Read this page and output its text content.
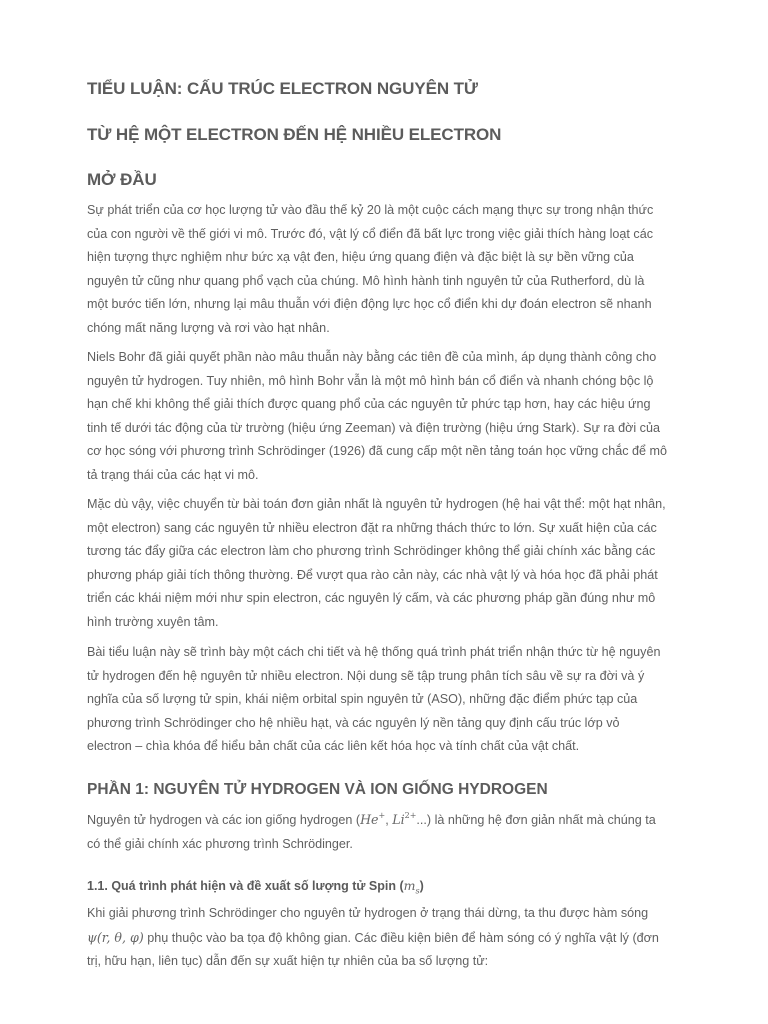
TIỂU LUẬN: CẤU TRÚC ELECTRON NGUYÊN TỬ
TỪ HỆ MỘT ELECTRON ĐẾN HỆ NHIỀU ELECTRON
MỞ ĐẦU
Sự phát triển của cơ học lượng tử vào đầu thế kỷ 20 là một cuộc cách mạng thực sự trong nhận thức
của con người về thế giới vi mô. Trước đó, vật lý cổ điển đã bất lực trong việc giải thích hàng loạt các
hiện tượng thực nghiệm như bức xạ vật đen, hiệu ứng quang điện và đặc biệt là sự bền vững của
nguyên tử cũng như quang phổ vạch của chúng. Mô hình hành tinh nguyên tử của Rutherford, dù là
một bước tiến lớn, nhưng lại mâu thuẫn với điện động lực học cổ điển khi dự đoán electron sẽ nhanh
chóng mất năng lượng và rơi vào hạt nhân.
Niels Bohr đã giải quyết phần nào mâu thuẫn này bằng các tiên đề của mình, áp dụng thành công cho
nguyên tử hydrogen. Tuy nhiên, mô hình Bohr vẫn là một mô hình bán cổ điển và nhanh chóng bộc lộ
hạn chế khi không thể giải thích được quang phổ của các nguyên tử phức tạp hơn, hay các hiệu ứng
tinh tế dưới tác động của từ trường (hiệu ứng Zeeman) và điện trường (hiệu ứng Stark). Sự ra đời của
cơ học sóng với phương trình Schrödinger (1926) đã cung cấp một nền tảng toán học vững chắc để mô
tả trạng thái của các hạt vi mô.
Mặc dù vậy, việc chuyển từ bài toán đơn giản nhất là nguyên tử hydrogen (hệ hai vật thể: một hạt nhân,
một electron) sang các nguyên tử nhiều electron đặt ra những thách thức to lớn. Sự xuất hiện của các
tương tác đẩy giữa các electron làm cho phương trình Schrödinger không thể giải chính xác bằng các
phương pháp giải tích thông thường. Để vượt qua rào cản này, các nhà vật lý và hóa học đã phải phát
triển các khái niệm mới như spin electron, các nguyên lý cấm, và các phương pháp gần đúng như mô
hình trường xuyên tâm.
Bài tiểu luận này sẽ trình bày một cách chi tiết và hệ thống quá trình phát triển nhận thức từ hệ nguyên
tử hydrogen đến hệ nguyên tử nhiều electron. Nội dung sẽ tập trung phân tích sâu về sự ra đời và ý
nghĩa của số lượng tử spin, khái niệm orbital spin nguyên tử (ASO), những đặc điểm phức tạp của
phương trình Schrödinger cho hệ nhiều hạt, và các nguyên lý nền tảng quy định cấu trúc lớp vỏ
electron – chìa khóa để hiểu bản chất của các liên kết hóa học và tính chất của vật chất.
PHẦN 1: NGUYÊN TỬ HYDROGEN VÀ ION GIỐNG HYDROGEN
Nguyên tử hydrogen và các ion giống hydrogen (He+, $Li^{2+}$...) là những hệ đơn giản nhất mà chúng ta
có thể giải chính xác phương trình Schrödinger.
1.1. Quá trình phát hiện và đề xuất số lượng tử Spin $(m_s)$
Khi giải phương trình Schrödinger cho nguyên tử hydrogen ở trạng thái dừng, ta thu được hàm sóng
ψ(r, θ, φ) phụ thuộc vào ba tọa độ không gian. Các điều kiện biên để hàm sóng có ý nghĩa vật lý (đơn
trị, hữu hạn, liên tục) dẫn đến sự xuất hiện tự nhiên của ba số lượng tử:
